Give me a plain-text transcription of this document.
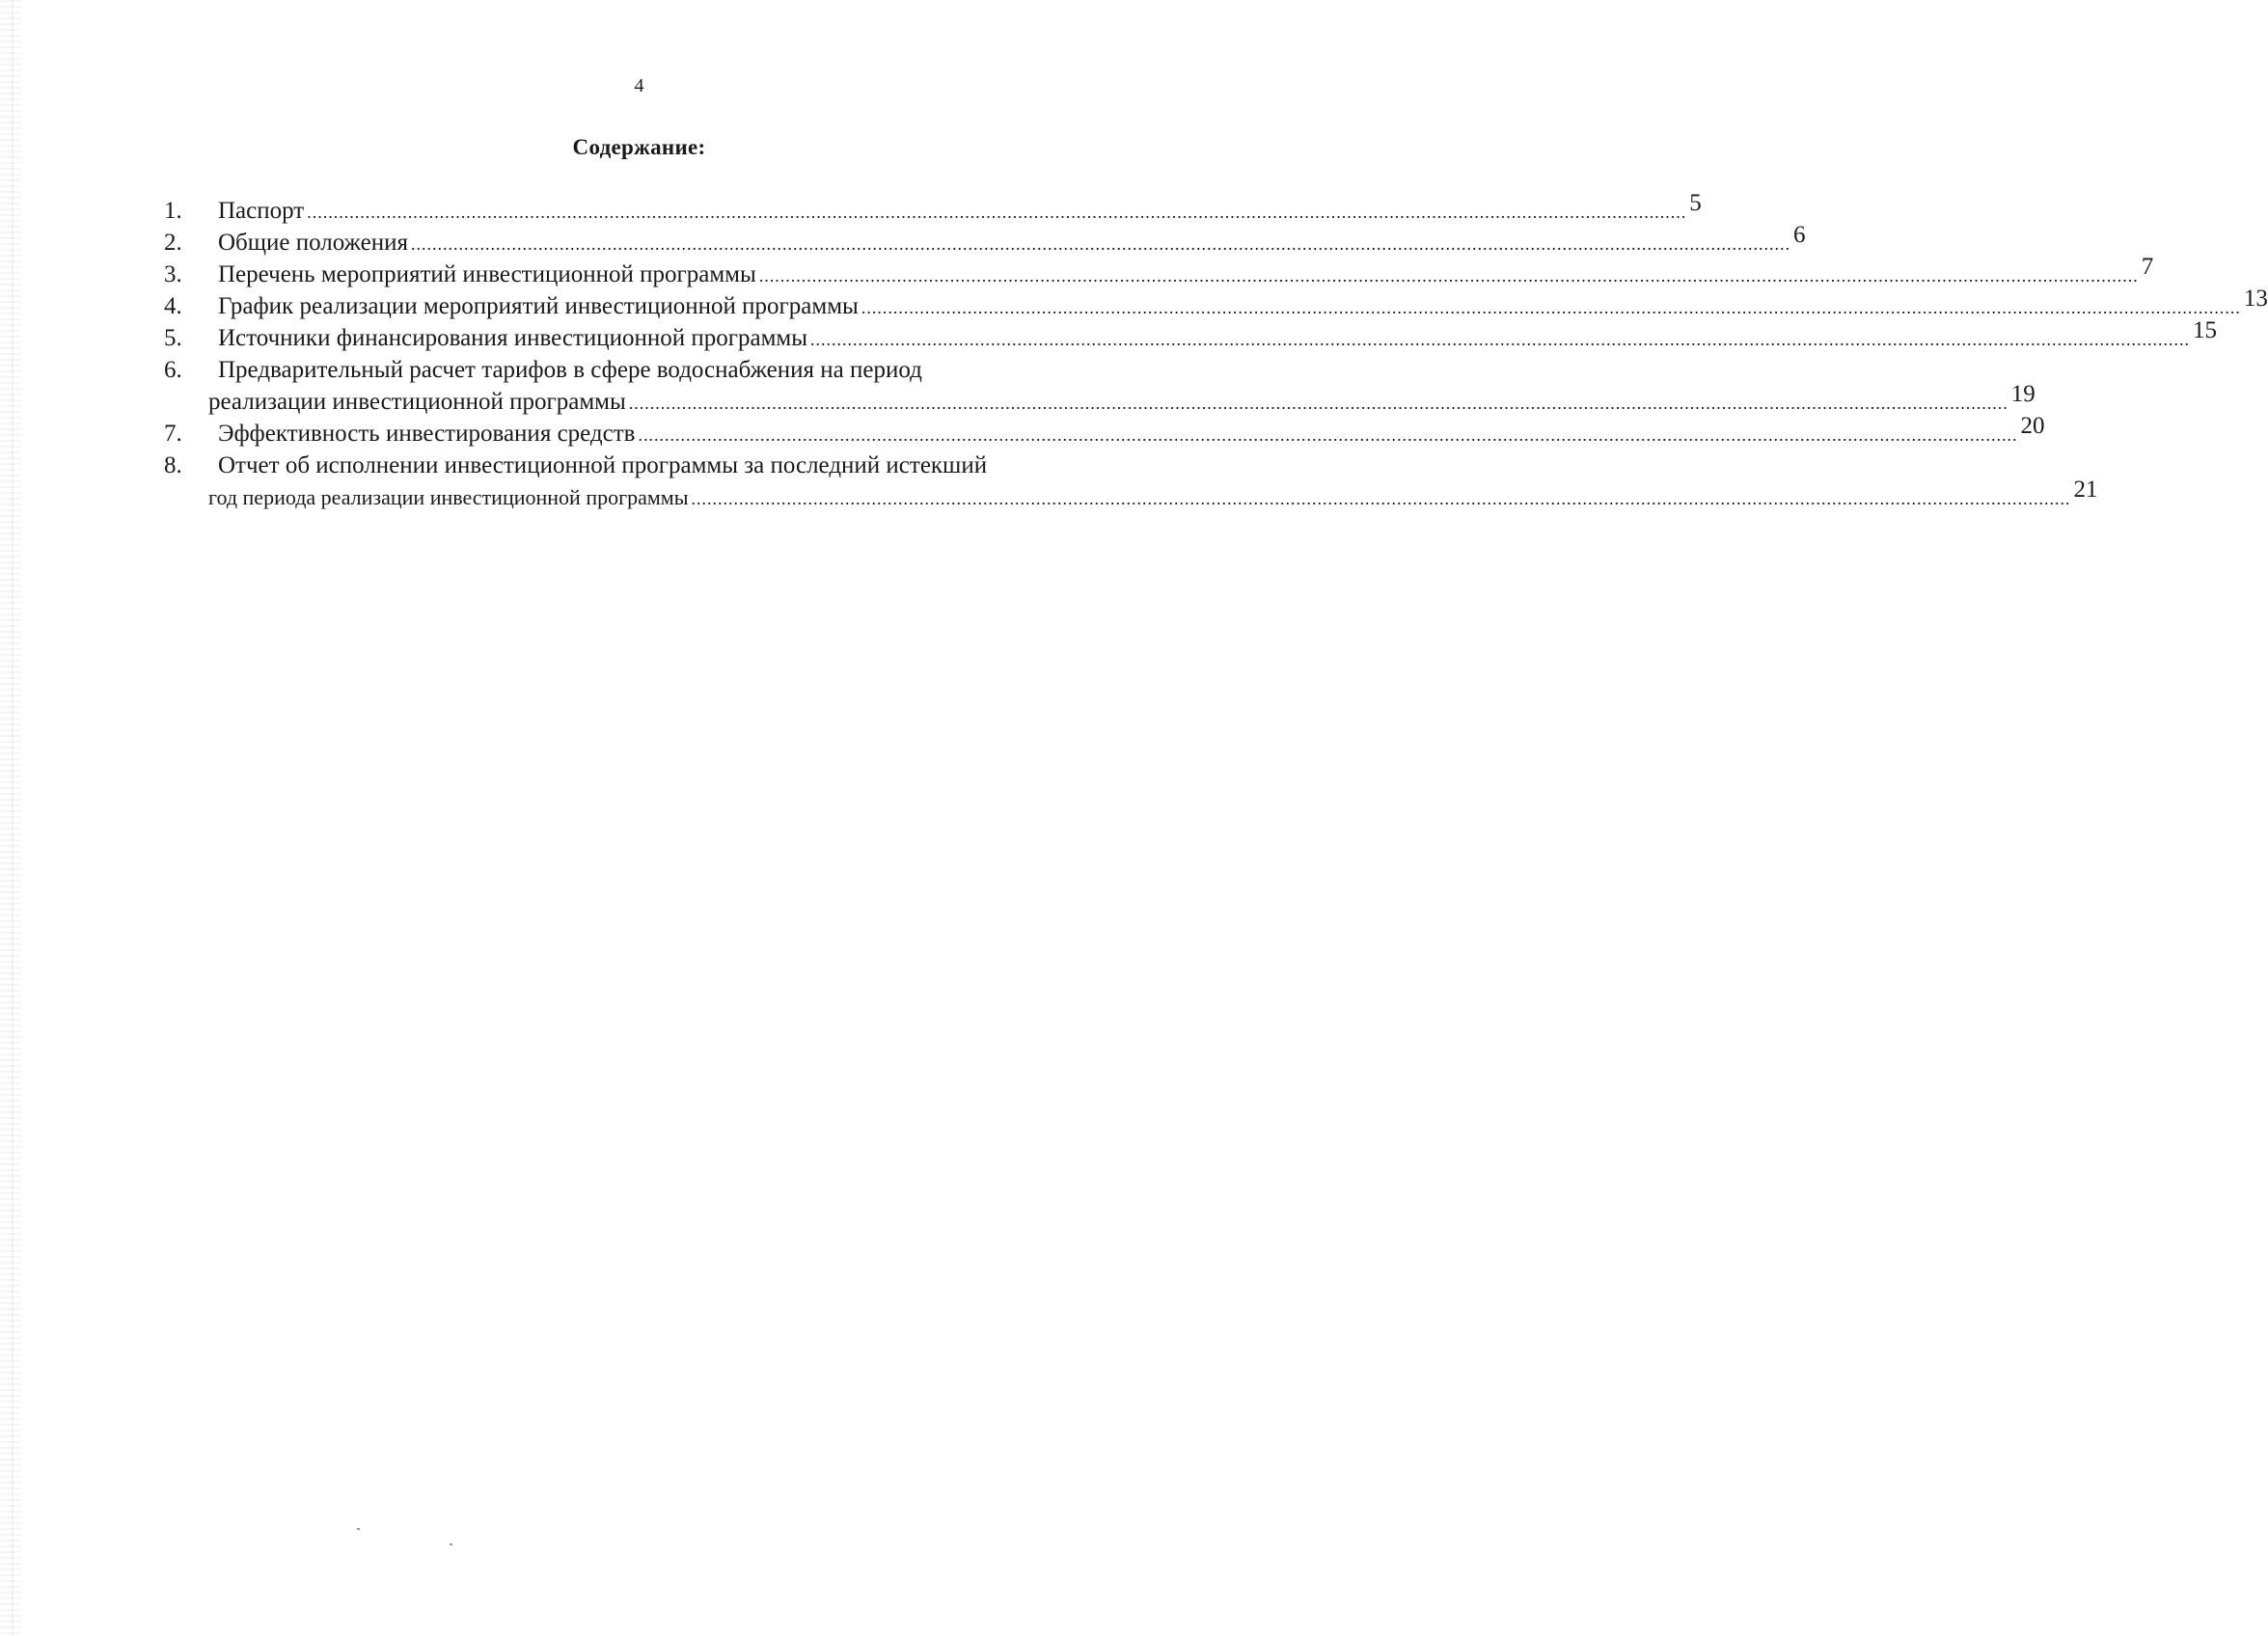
4
Содержание:
1.	Паспорт .....	5
2.	Общие положения .....	6
3.	Перечень мероприятий инвестиционной программы .....	7
4.	График реализации мероприятий инвестиционной программы .....	13
5.	Источники финансирования инвестиционной программы .....	15
6.	Предварительный расчет тарифов в сфере водоснабжения на период
реализации инвестиционной программы .....	19
7.	Эффективность инвестирования средств .....	20
8.	Отчет об исполнении инвестиционной программы за последний истекший
год периода реализации инвестиционной программы .....	21
